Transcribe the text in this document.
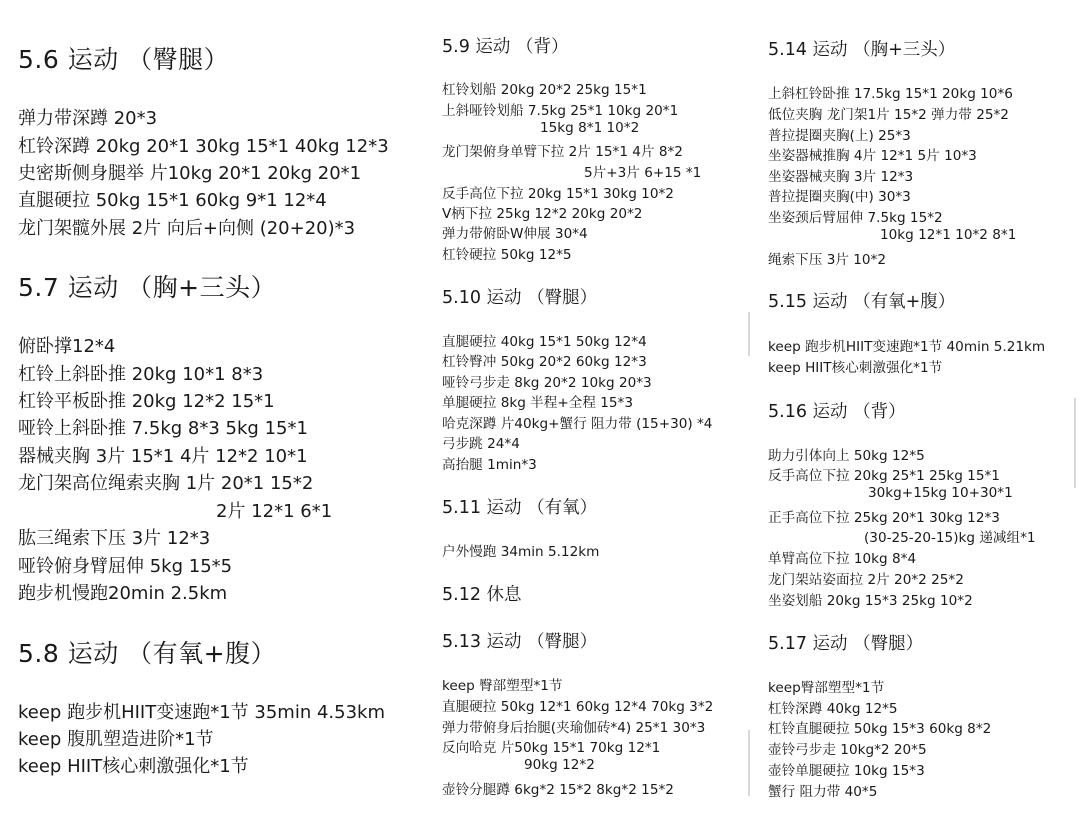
5.6 运动 （臀腿）
弹力带深蹲 20*3
杠铃深蹲 20kg 20*1 30kg 15*1 40kg 12*3
史密斯侧身腿举 片10kg 20*1 20kg 20*1
直腿硬拉 50kg 15*1 60kg 9*1 12*4
龙门架髋外展 2片 向后+向侧 (20+20)*3
5.7 运动 （胸+三头）
俯卧撑12*4
杠铃上斜卧推 20kg 10*1 8*3
杠铃平板卧推 20kg 12*2 15*1
哑铃上斜卧推 7.5kg 8*3 5kg 15*1
器械夹胸 3片 15*1 4片 12*2 10*1
龙门架高位绳索夹胸 1片 20*1 15*2
2片 12*1 6*1
肱三绳索下压 3片 12*3
哑铃俯身臂屈伸 5kg 15*5
跑步机慢跑20min 2.5km
5.8 运动 （有氧+腹）
keep 跑步机HIIT变速跑*1节 35min 4.53km
keep 腹肌塑造进阶*1节
keep HIIT核心刺激强化*1节
5.9 运动 （背）
杠铃划船 20kg 20*2 25kg 15*1
上斜哑铃划船 7.5kg 25*1 10kg 20*1
15kg 8*1 10*2
龙门架俯身单臂下拉 2片 15*1 4片 8*2
5片+3片 6+15 *1
反手高位下拉 20kg 15*1 30kg 10*2
V柄下拉 25kg 12*2 20kg 20*2
弹力带俯卧W伸展 30*4
杠铃硬拉 50kg 12*5
5.10 运动 （臀腿）
直腿硬拉 40kg 15*1 50kg 12*4
杠铃臀冲 50kg 20*2 60kg 12*3
哑铃弓步走 8kg 20*2 10kg 20*3
单腿硬拉 8kg 半程+全程 15*3
哈克深蹲 片40kg+蟹行 阻力带 (15+30) *4
弓步跳 24*4
高抬腿 1min*3
5.11 运动 （有氧）
户外慢跑 34min 5.12km
5.12 休息
5.13 运动 （臀腿）
keep 臀部塑型*1节
直腿硬拉 50kg 12*1 60kg 12*4 70kg 3*2
弹力带俯身后抬腿(夹瑜伽砖*4) 25*1 30*3
反向哈克 片50kg 15*1 70kg 12*1
90kg 12*2
壶铃分腿蹲 6kg*2 15*2 8kg*2 15*2
5.14 运动 （胸+三头）
上斜杠铃卧推 17.5kg 15*1 20kg 10*6
低位夹胸 龙门架1片 15*2 弹力带 25*2
普拉提圈夹胸(上) 25*3
坐姿器械推胸 4片 12*1 5片 10*3
坐姿器械夹胸 3片 12*3
普拉提圈夹胸(中) 30*3
坐姿颈后臂屈伸 7.5kg 15*2
10kg 12*1 10*2 8*1
绳索下压 3片 10*2
5.15 运动 （有氧+腹）
keep 跑步机HIIT变速跑*1节 40min 5.21km
keep HIIT核心刺激强化*1节
5.16 运动 （背）
助力引体向上 50kg 12*5
反手高位下拉 20kg 25*1 25kg 15*1
30kg+15kg 10+30*1
正手高位下拉 25kg 20*1 30kg 12*3
(30-25-20-15)kg 递减组*1
单臂高位下拉 10kg 8*4
龙门架站姿面拉 2片 20*2 25*2
坐姿划船 20kg 15*3 25kg 10*2
5.17 运动 （臀腿）
keep臀部塑型*1节
杠铃深蹲 40kg 12*5
杠铃直腿硬拉 50kg 15*3 60kg 8*2
壶铃弓步走 10kg*2 20*5
壶铃单腿硬拉 10kg 15*3
蟹行 阻力带 40*5
